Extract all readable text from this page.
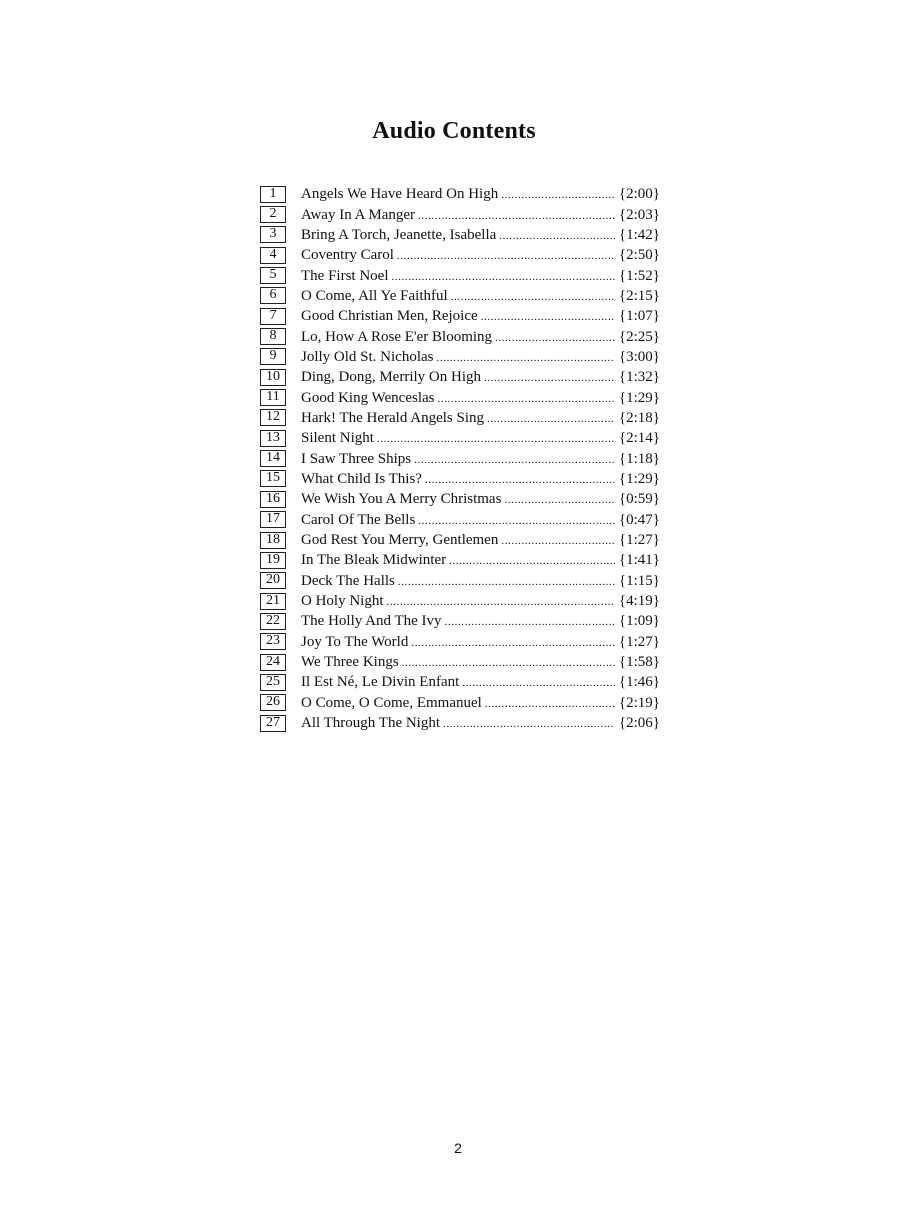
Audio Contents
1	Angels We Have Heard On High .....	{2:00}
2	Away In A Manger .....	{2:03}
3	Bring A Torch, Jeanette, Isabella .....	{1:42}
4	Coventry Carol .....	{2:50}
5	The First Noel .....	{1:52}
6	O Come, All Ye Faithful .....	{2:15}
7	Good Christian Men, Rejoice .....	{1:07}
8	Lo, How A Rose E'er Blooming .....	{2:25}
9	Jolly Old St. Nicholas .....	{3:00}
10	Ding, Dong, Merrily On High .....	{1:32}
11	Good King Wenceslas .....	{1:29}
12	Hark! The Herald Angels Sing .....	{2:18}
13	Silent Night .....	{2:14}
14	I Saw Three Ships .....	{1:18}
15	What Child Is This? .....	{1:29}
16	We Wish You A Merry Christmas .....	{0:59}
17	Carol Of The Bells .....	{0:47}
18	God Rest You Merry, Gentlemen .....	{1:27}
19	In The Bleak Midwinter .....	{1:41}
20	Deck The Halls .....	{1:15}
21	O Holy Night .....	{4:19}
22	The Holly And The Ivy .....	{1:09}
23	Joy To The World .....	{1:27}
24	We Three Kings .....	{1:58}
25	Il Est Né, Le Divin Enfant .....	{1:46}
26	O Come, O Come, Emmanuel .....	{2:19}
27	All Through The Night .....	{2:06}
2
